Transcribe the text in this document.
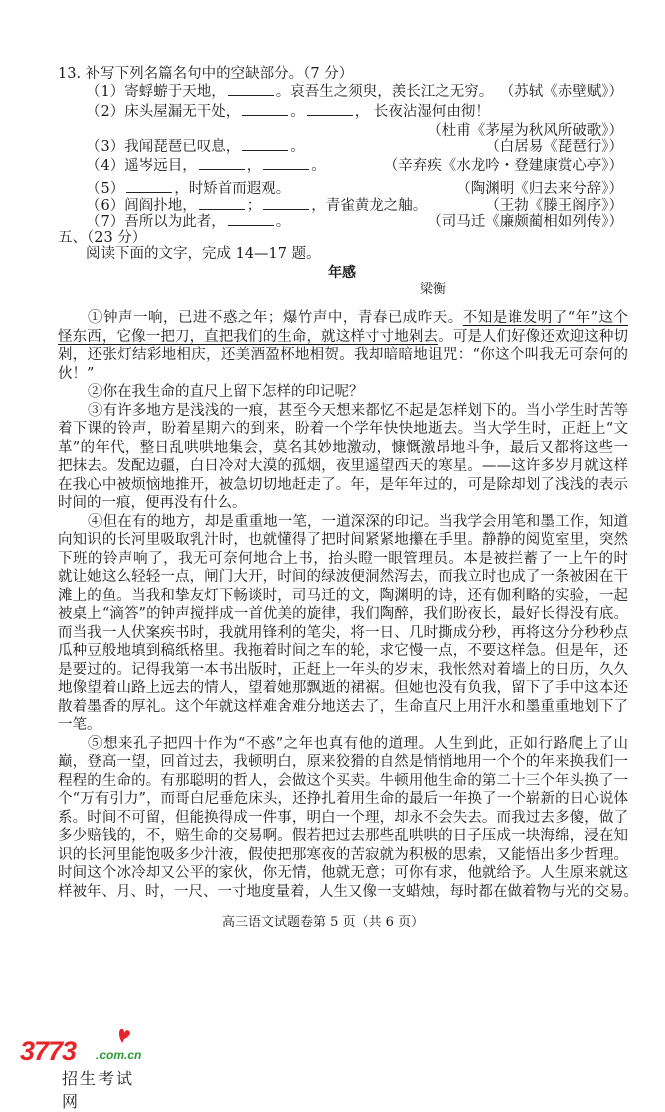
13. 补写下列名篇名句中的空缺部分。（7 分）
（1）寄蜉蝣于天地，	。哀吾生之须臾，羡长江之无穷。 （苏轼《赤壁赋》）
（2）床头屋漏无干处，	。	， 长夜沾湿何由彻！
（杜甫《茅屋为秋风所破歌》）
（3）我闻琵琶已叹息，	。	（白居易《琵琶行》）
（4）遥岑远目，	，	。	（辛弃疾《水龙吟・登建康赏心亭》）
（5）	，时矫首而遐观。	（陶渊明《归去来兮辞》）
（6）闾阎扑地，	；	，青雀黄龙之舳。	（王勃《滕王阁序》）
（7）吾所以为此者，	。	（司马迁《廉颇蔺相如列传》）
五、（23 分）
阅读下面的文字，完成 14—17 题。
年感
梁衡
①钟声一响，已进不惑之年；爆竹声中，青春已成昨天。不知是谁发明了“年”这个
怪东西，它像一把刀，直把我们的生命，就这样寸寸地剁去。可是人们好像还欢迎这种切
剁，还张灯结彩地相庆，还美酒盈杯地相贺。我却暗暗地诅咒：“你这个叫我无可奈何的
伙！”
②你在我生命的直尺上留下怎样的印记呢？
③有许多地方是浅浅的一痕，甚至今天想来都忆不起是怎样划下的。当小学生时苦等
着下课的铃声，盼着星期六的到来，盼着一个学年快快地逝去。当大学生时，正赶上“文
革”的年代，整日乱哄哄地集会，莫名其妙地激动，慷慨激昂地斗争，最后又都将这些一
把抹去。发配边疆，白日冷对大漠的孤烟，夜里遥望西天的寒星。——这许多岁月就这样
在我心中被烦恼地推开，被急切切地赶走了。年，是年年过的，可是除却划了浅浅的表示
时间的一痕，便再没有什么。
④但在有的地方，却是重重地一笔，一道深深的印记。当我学会用笔和墨工作，知道
向知识的长河里吸取乳汁时，也就懂得了把时间紧紧地攥在手里。静静的阅览室里，突然
下班的铃声响了，我无可奈何地合上书，抬头瞪一眼管理员。本是被拦蓄了一上午的时
就让她这么轻轻一点，闸门大开，时间的绿波便洞然泻去，而我立时也成了一条被困在干
滩上的鱼。当我和挚友灯下畅谈时，司马迁的文，陶渊明的诗，还有伽利略的实验，一起
被桌上“滴答”的钟声搅拌成一首优美的旋律，我们陶醉，我们盼夜长，最好长得没有底。
而当我一人伏案疾书时，我就用锋利的笔尖，将一日、几时撕成分秒，再将这分分秒秒点
瓜种豆般地填到稿纸格里。我拖着时间之车的轮，求它慢一点，不要这样急。但是年，还
是要过的。记得我第一本书出版时，正赶上一年头的岁末，我怅然对着墙上的日历，久久
地像望着山路上远去的情人，望着她那飘逝的裙裾。但她也没有负我，留下了手中这本还
散着墨香的厚礼。这个年就这样难舍难分地送去了，生命直尺上用汗水和墨重重地划下了
一笔。
⑤想来孔子把四十作为“不惑”之年也真有他的道理。人生到此，正如行路爬上了山
巅，登高一望，回首过去，我顿明白，原来狡猾的自然是悄悄地用一个个的年来换我们一
程程的生命的。有那聪明的哲人，会做这个买卖。牛顿用他生命的第二十三个年头换了一
个“万有引力”，而哥白尼垂危床头，还挣扎着用生命的最后一年换了一个崭新的日心说体
系。时间不可留，但能换得成一件事，明白一个理，却永不会失去。而我过去多傻，做了
多少赔钱的，不，赔生命的交易啊。假若把过去那些乱哄哄的日子压成一块海绵，浸在知
识的长河里能饱吸多少汁液，假使把那寒夜的苦寂就为积极的思索，又能悟出多少哲理。
时间这个冰冷却又公平的家伙，你无情，他就无意；可你有求，他就给予。人生原来就这
样被年、月、时，一尺、一寸地度量着，人生又像一支蜡烛，每时都在做着物与光的交易。
高三语文试题卷第 5 页（共 6 页）
3773 .com.cn
招生考试网
